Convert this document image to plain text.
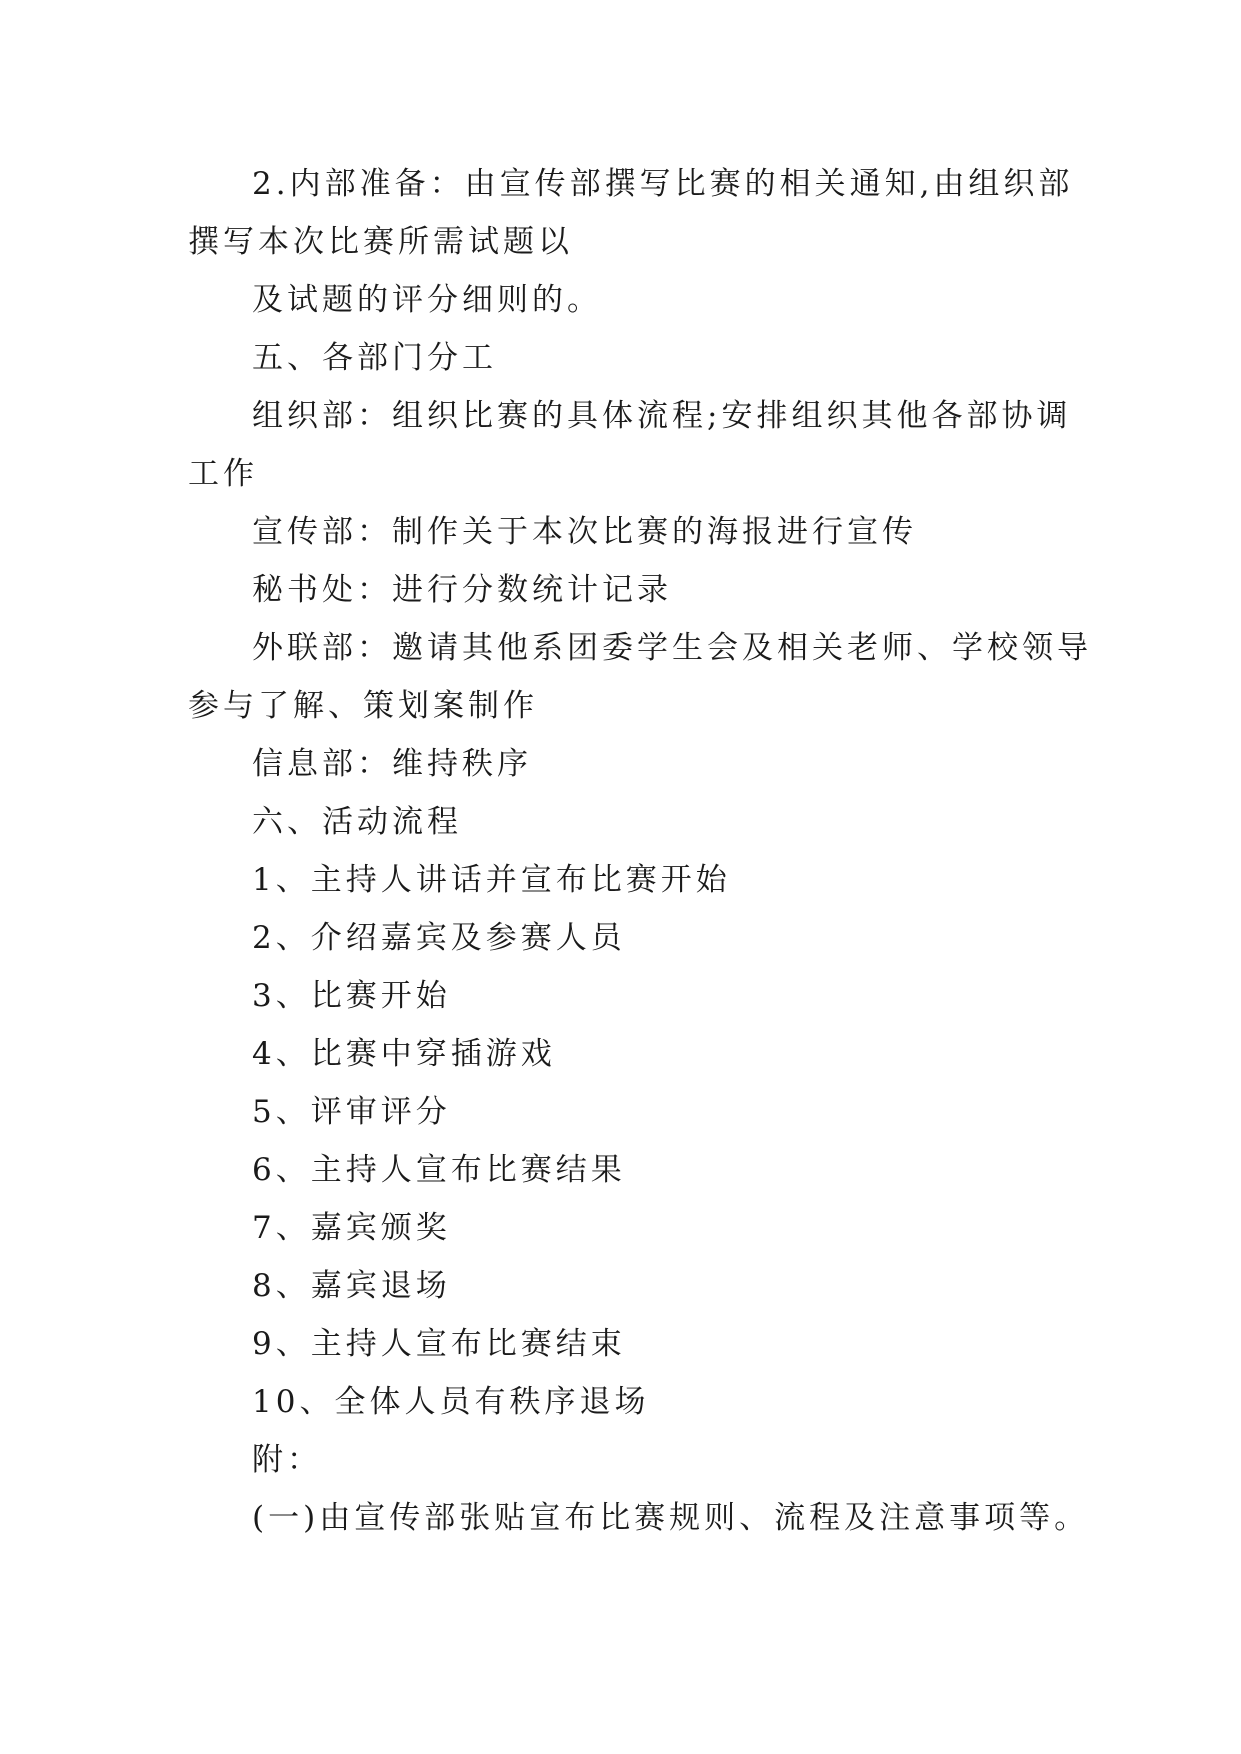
2.内部准备：由宣传部撰写比赛的相关通知,由组织部
撰写本次比赛所需试题以
及试题的评分细则的。
五、各部门分工
组织部：组织比赛的具体流程;安排组织其他各部协调
工作
宣传部：制作关于本次比赛的海报进行宣传
秘书处：进行分数统计记录
外联部：邀请其他系团委学生会及相关老师、学校领导
参与了解、策划案制作
信息部：维持秩序
六、活动流程
1、主持人讲话并宣布比赛开始
2、介绍嘉宾及参赛人员
3、比赛开始
4、比赛中穿插游戏
5、评审评分
6、主持人宣布比赛结果
7、嘉宾颁奖
8、嘉宾退场
9、主持人宣布比赛结束
10、全体人员有秩序退场
附：
(一)由宣传部张贴宣布比赛规则、流程及注意事项等。
